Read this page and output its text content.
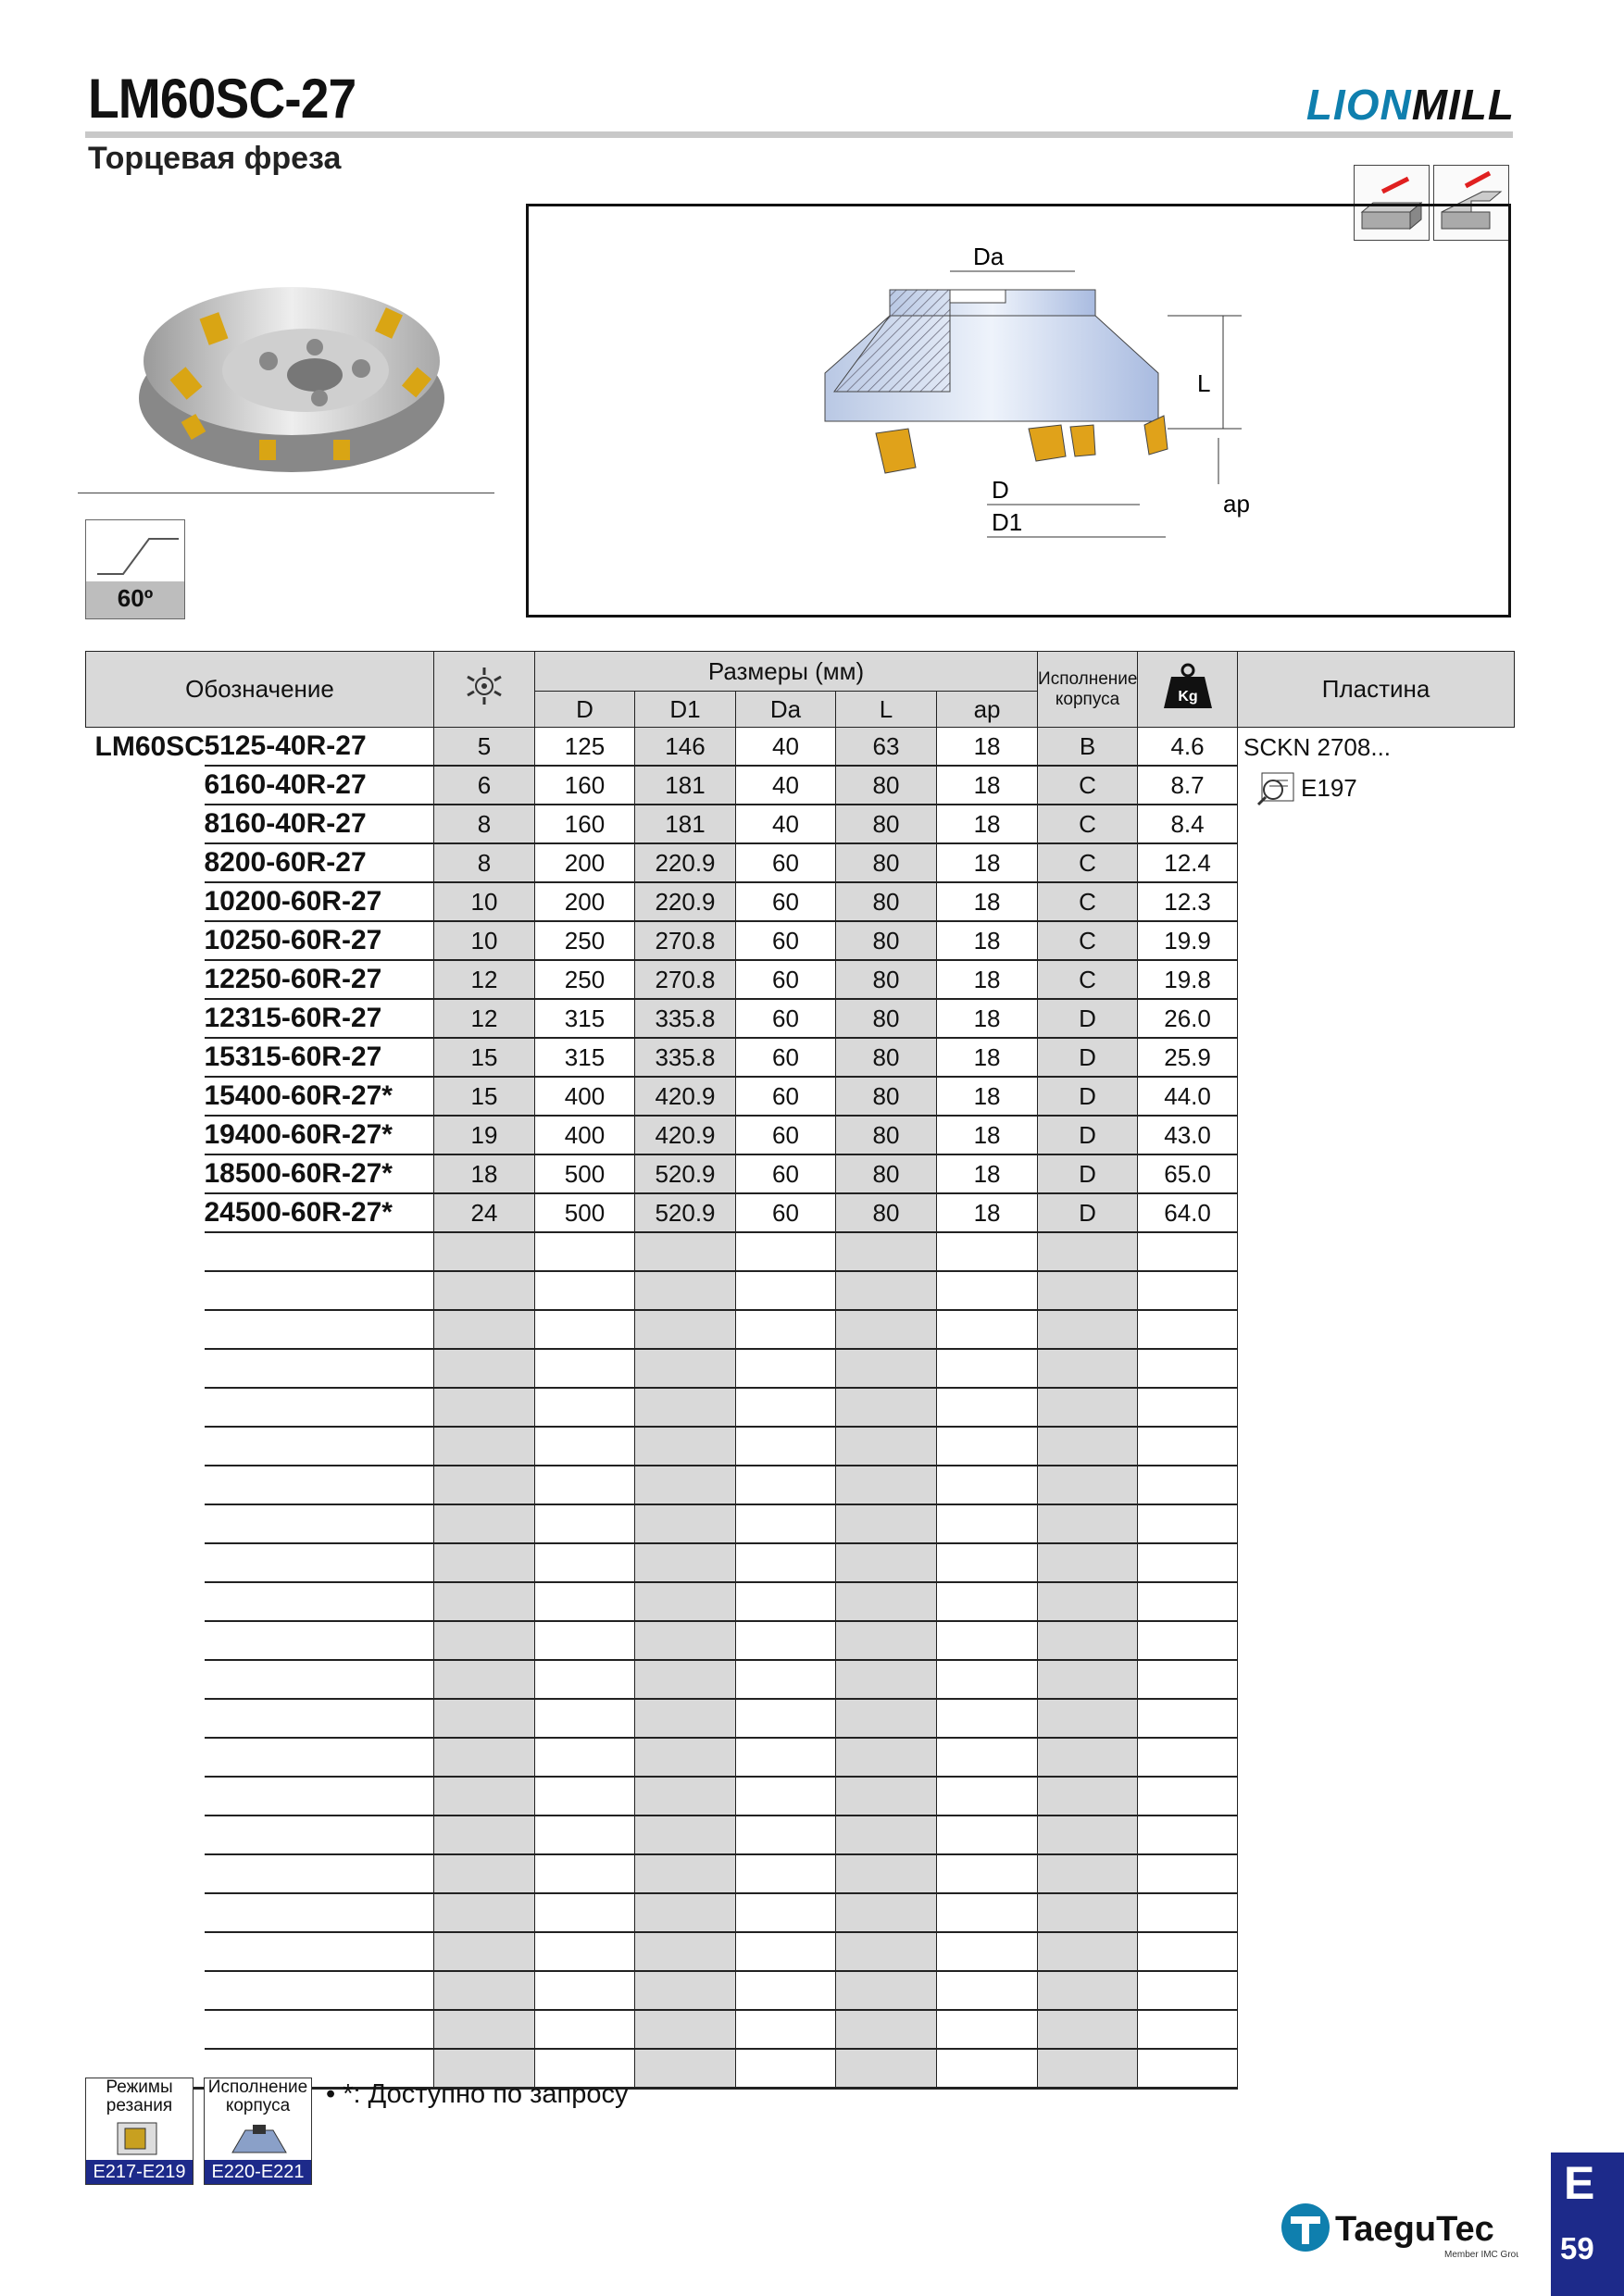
LM60SC-27	LIONMILL
Торцевая фреза
60º
Da
L
ap
D
D1
Обозначение			Размеры (мм)					Исполнение корпуса	Kg	Пластина
			D	D1	Da	L	ap			
LM60SC	5125-40R-27	5	125	146	40	63	18	B	4.6	SCKN 2708...
E197

	6160-40R-27	6	160	181	40	80	18	C	8.7	
	8160-40R-27	8	160	181	40	80	18	C	8.4	
	8200-60R-27	8	200	220.9	60	80	18	C	12.4	
	10200-60R-27	10	200	220.9	60	80	18	C	12.3	
	10250-60R-27	10	250	270.8	60	80	18	C	19.9	
	12250-60R-27	12	250	270.8	60	80	18	C	19.8	
	12315-60R-27	12	315	335.8	60	80	18	D	26.0	
	15315-60R-27	15	315	335.8	60	80	18	D	25.9	
	15400-60R-27*	15	400	420.9	60	80	18	D	44.0	
	19400-60R-27*	19	400	420.9	60	80	18	D	43.0	
	18500-60R-27*	18	500	520.9	60	80	18	D	65.0	
	24500-60R-27*	24	500	520.9	60	80	18	D	64.0	

Режимы резания
E217-E219
Исполнение корпуса
E220-E221
• *: Доступно по запросу
TaeguTec
Member IMC Group
E
59
